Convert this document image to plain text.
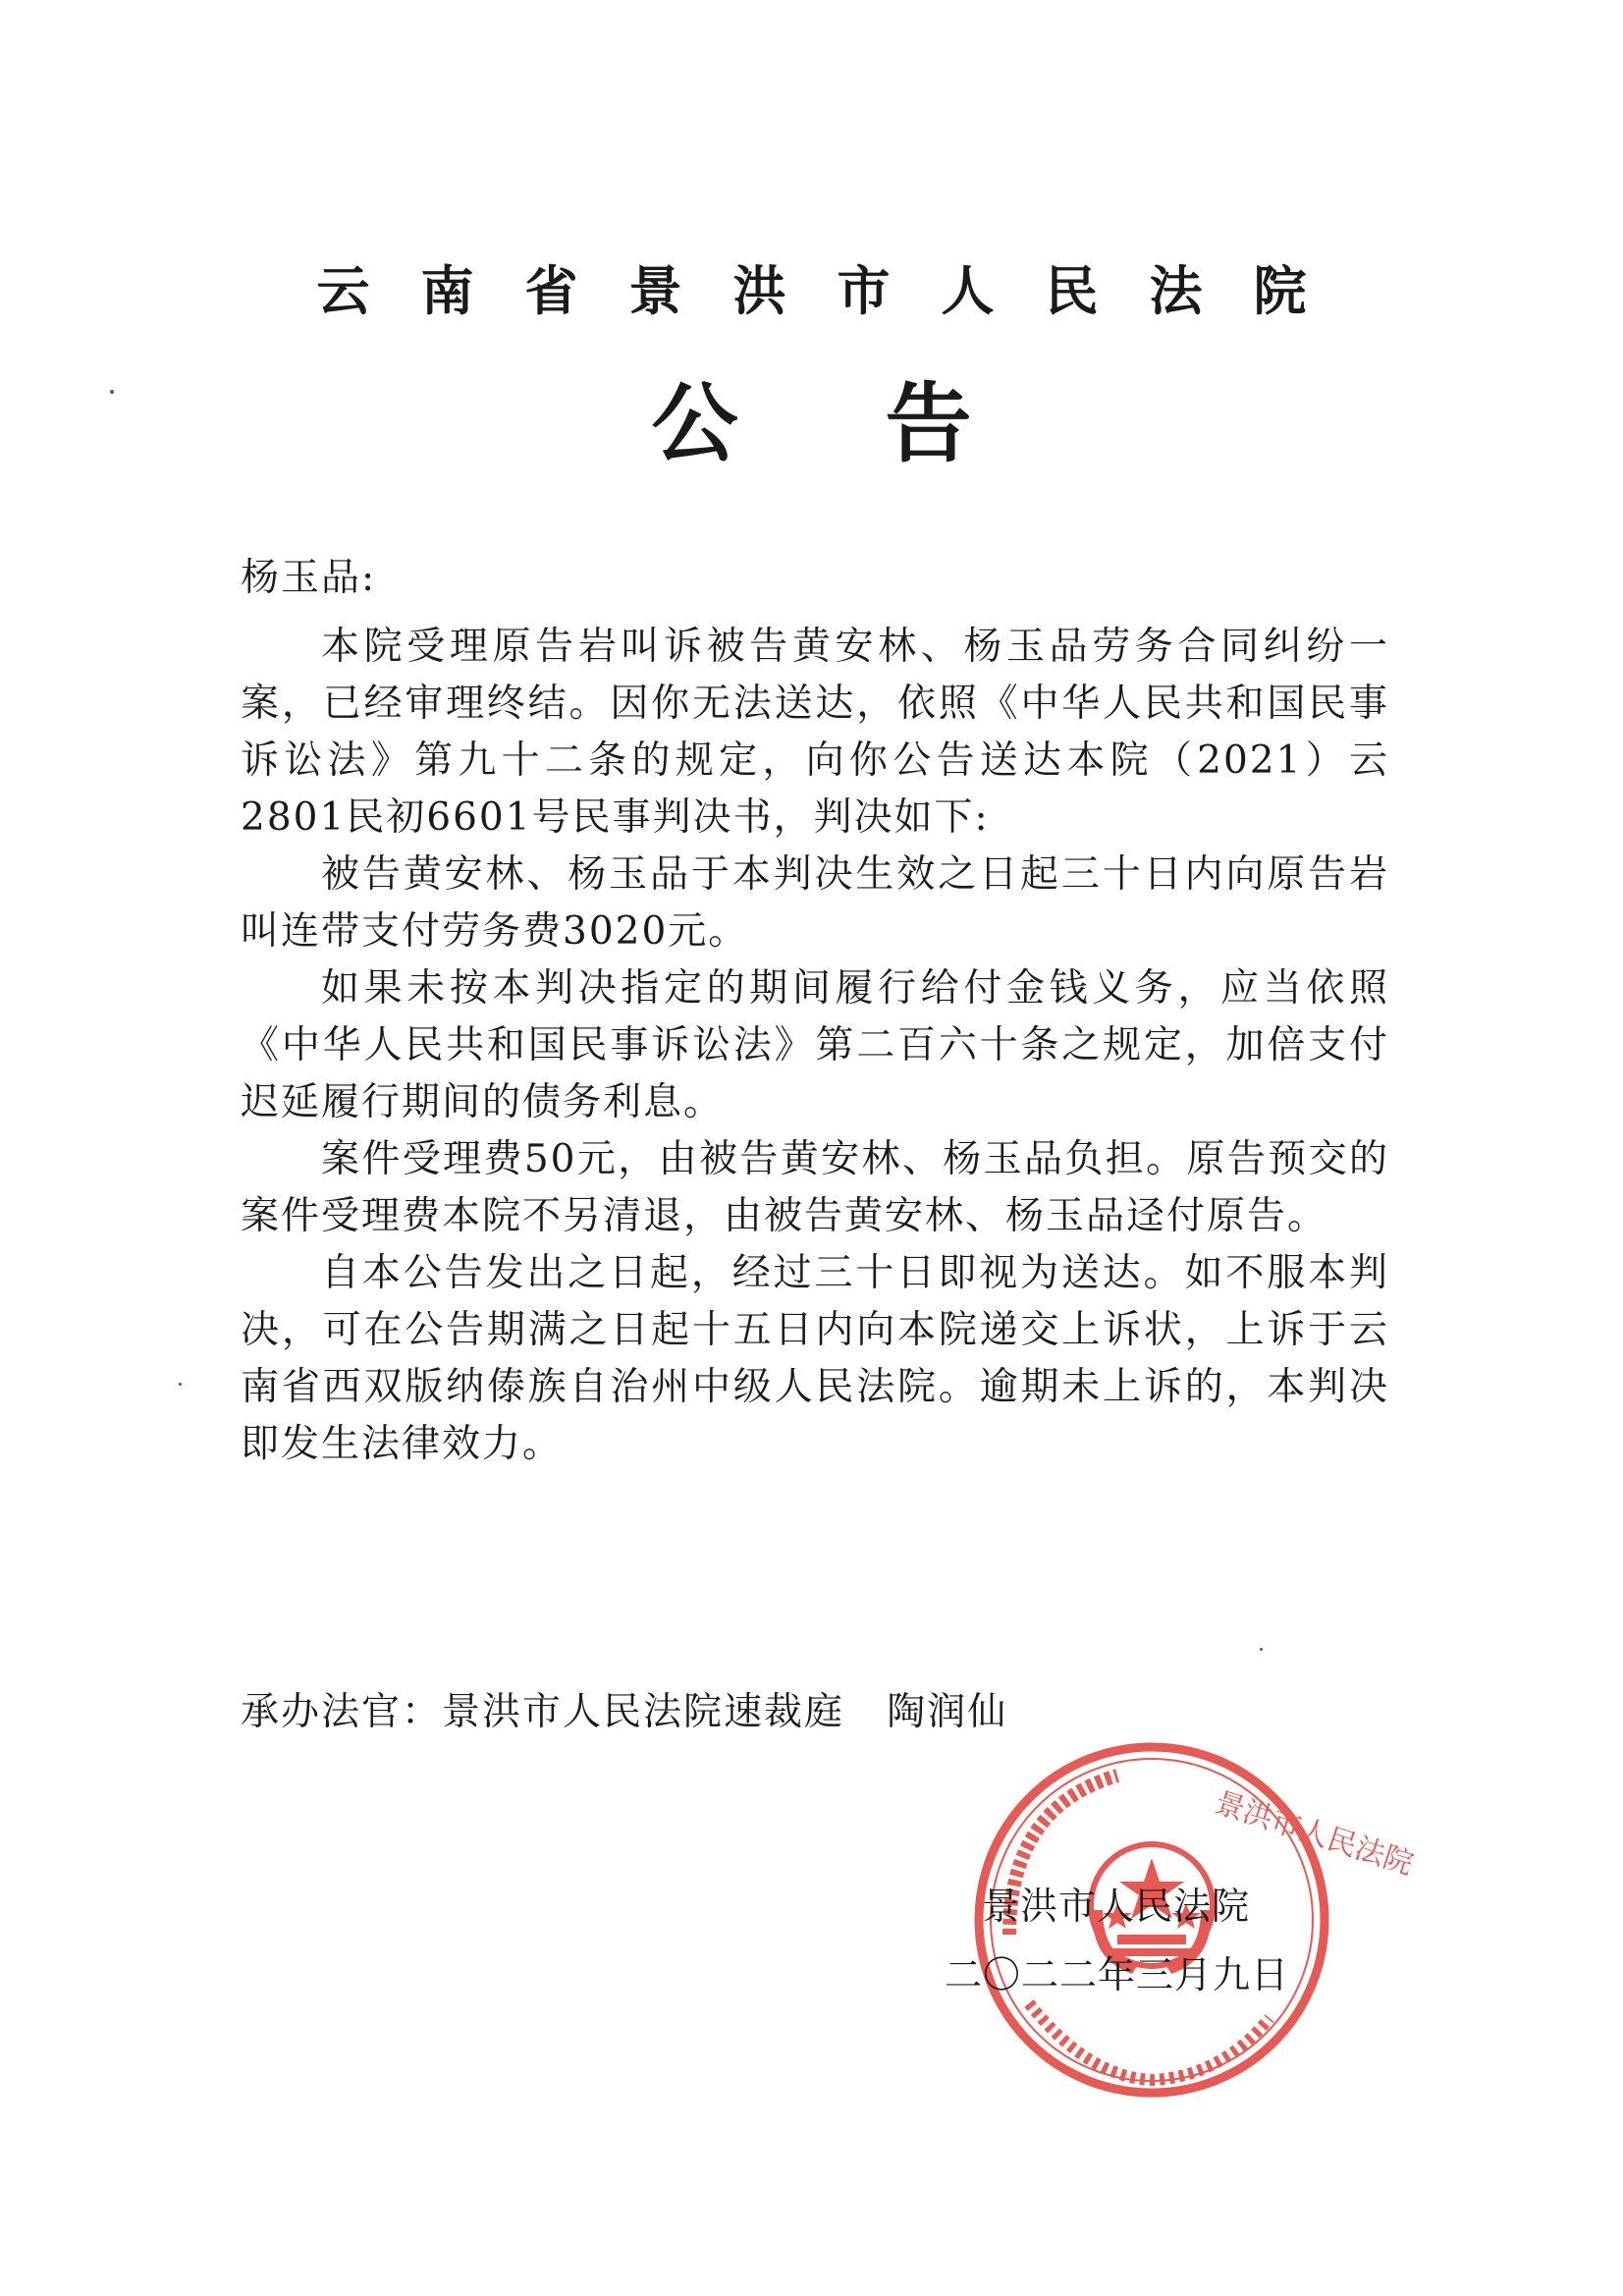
云南省景洪市人民法院
公告

杨玉品:

本院受理原告岩叫诉被告黄安林、杨玉品劳务合同纠纷一案，已经审理终结。因你无法送达，依照《中华人民共和国民事诉讼法》第九十二条的规定，向你公告送达本院（2021）云2801民初6601号民事判决书，判决如下:

被告黄安林、杨玉品于本判决生效之日起三十日内向原告岩叫连带支付劳务费3020元。

如果未按本判决指定的期间履行给付金钱义务，应当依照《中华人民共和国民事诉讼法》第二百六十条之规定，加倍支付迟延履行期间的债务利息。

案件受理费50元，由被告黄安林、杨玉品负担。原告预交的案件受理费本院不另清退，由被告黄安林、杨玉品迳付原告。

自本公告发出之日起，经过三十日即视为送达。如不服本判决，可在公告期满之日起十五日内向本院递交上诉状，上诉于云南省西双版纳傣族自治州中级人民法院。逾期未上诉的，本判决即发生法律效力。

承办法官：景洪市人民法院速裁庭   陶润仙
景洪市人民法院
景洪市人民法院
二〇二二年三月九日
